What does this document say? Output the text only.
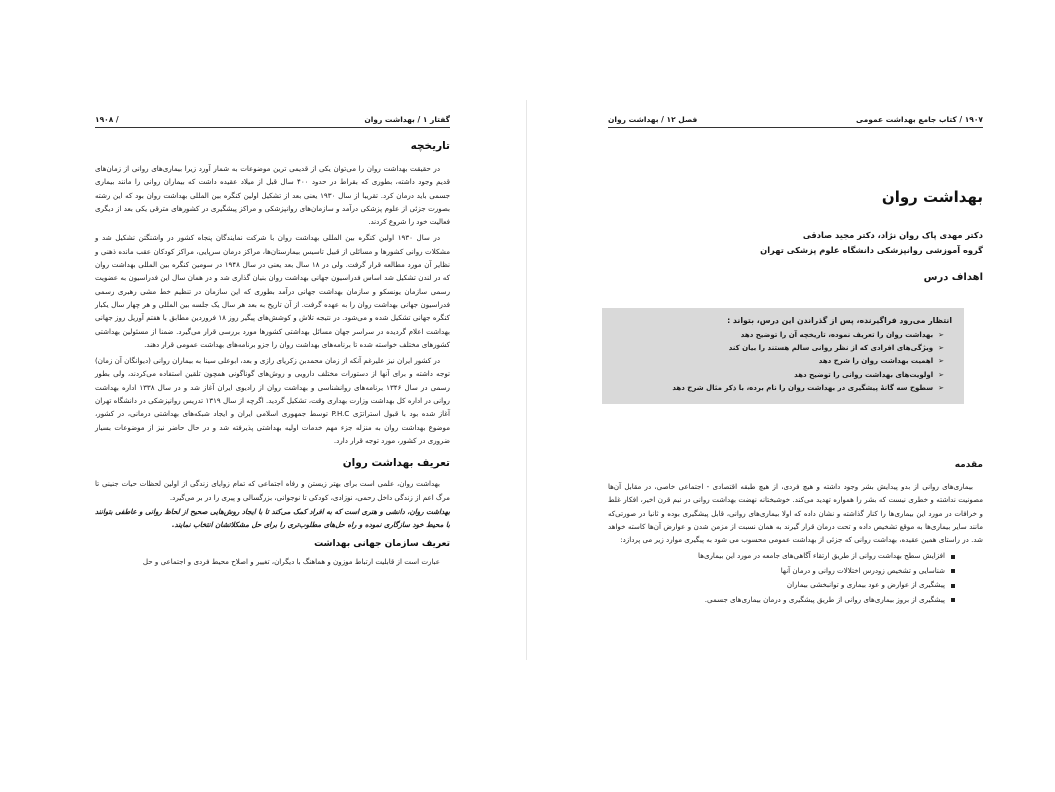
گفتار ۱ / بهداشت روان
/ ۱۹۰۸
تاریخچه

در حقیقت بهداشت روان را می‌توان یکی از قدیمی ترین موضوعات به شمار آورد زیرا بیماری‌های روانی از زمان‌های قدیم وجود داشته، بطوری که بقراط در حدود ۴۰۰ سال قبل از میلاد عقیده داشت که بیماران روانی را مانند بیماری جسمی باید درمان کرد. تقریبا از سال ۱۹۳۰ یعنی بعد از تشکیل اولین کنگره بین المللی بهداشت روان بود که این رشته بصورت جزئی از علوم پزشکی درآمد و سازمان‌های روانپزشکی و مراکز پیشگیری در کشورهای مترقی یکی بعد از دیگری فعالیت خود را شروع کردند.

در سال ۱۹۳۰ اولین کنگره بین المللی بهداشت روان با شرکت نمایندگان پنجاه کشور در واشنگتن تشکیل شد و مشکلات روانی کشورها و مسائلی از قبیل تاسیس بیمارستان‌ها، مراکز درمان سرپایی، مراکز کودکان عقب مانده ذهنی و نظایر آن مورد مطالعه قرار گرفت. ولی در ۱۸ سال بعد یعنی در سال ۱۹۴۸ در سومین کنگره بین المللی بهداشت روان که در لندن تشکیل شد اساس فدراسیون جهانی بهداشت روان بنیان گذاری شد و در همان سال این فدراسیون به عضویت رسمی سازمان یونسکو و سازمان بهداشت جهانی درآمد بطوری که این سازمان در تنظیم خط مشی رهبری رسمی فدراسیون جهانی بهداشت روان را به عهده گرفت. از آن تاریخ به بعد هر سال یک جلسه بین المللی و هر چهار سال یکبار کنگره جهانی تشکیل شده و می‌شود. در نتیجه تلاش و کوشش‌های پیگیر روز ۱۸ فروردین مطابق با هفتم آوریل روز جهانی بهداشت اعلام گردیده در سراسر جهان مسائل بهداشتی کشورها مورد بررسی قرار می‌گیرد. ضمنا از مسئولین بهداشتی کشورهای مختلف خواسته شده تا برنامه‌های بهداشت روان را جزو برنامه‌های بهداشت عمومی قرار دهند.

در کشور ایران نیز علیرغم آنکه از زمان محمدبن زکریای رازی و بعد، ابوعلی سینا به بیماران روانی (دیوانگان آن زمان) توجه داشته و برای آنها از دستورات مختلف دارویی و روش‌های گوناگونی همچون تلقین استفاده می‌کردند، ولی بطور رسمی در سال ۱۳۴۶ برنامه‌های روانشناسی و بهداشت روان از رادیوی ایران آغاز شد و در سال ۱۳۳۸ اداره بهداشت روانی در اداره کل بهداشت وزارت بهداری وقت، تشکیل گردید. اگرچه از سال ۱۳۱۹ تدریس روانپزشکی در دانشگاه تهران آغاز شده بود با قبول استراتژی P.H.C توسط جمهوری اسلامی ایران و ایجاد شبکه‌های بهداشتی درمانی، در کشور، موضوع بهداشت روان به منزله جزء مهم خدمات اولیه بهداشتی پذیرفته شد و در حال حاضر نیز از موضوعات بسیار ضروری در کشور، مورد توجه قرار دارد.

تعریف بهداشت روان

بهداشت روان، علمی است برای بهتر زیستن و رفاه اجتماعی که تمام زوایای زندگی از اولین لحظات حیات جنینی تا مرگ اعم از زندگی داخل رحمی، نوزادی، کودکی تا نوجوانی، بزرگسالی و پیری را در بر می‌گیرد.

بهداشت روان، دانشی و هنری است که به افراد کمک می‌کند تا با ایجاد روش‌هایی صحیح از لحاظ روانی و عاطفی بتوانند با محیط خود سازگاری نموده و راه حل‌های مطلوب‌تری را برای حل مشکلاتشان انتخاب نمایند.

تعریف سازمان جهانی بهداشت

عبارت است از قابلیت ارتباط موزون و هماهنگ با دیگران، تغییر و اصلاح محیط فردی و اجتماعی و حل

۱۹۰۷ / کتاب جامع بهداشت عمومی
فصل ۱۲ / بهداشت روان
بهداشت روان
دکتر مهدی پاک روان نژاد، دکتر مجید صادقی
گروه آموزشی روانپزشکی دانشگاه علوم پزشکی تهران
اهداف درس

انتظار می‌رود فراگیرنده، پس از گذراندن این درس، بتواند :

➢
بهداشت روان را تعریف نموده، تاریخچه آن را توضیح دهد
➢
ویژگی‌های افرادی که از نظر روانی سالم هستند را بیان کند
➢
اهمیت بهداشت روان را شرح دهد
➢
اولویت‌های بهداشت روانی را توضیح دهد
➢
سطوح سه گانهٔ پیشگیری در بهداشت روان را نام برده، با ذکر مثال شرح دهد
مقدمه

بیماری‌های روانی از بدو پیدایش بشر وجود داشته و هیچ فردی، از هیچ طبقه اقتصادی - اجتماعی خاصی، در مقابل آن‌ها مصونیت نداشته و خطری نیست که بشر را همواره تهدید می‌کند. خوشبختانه نهضت بهداشت روانی در نیم قرن اخیر، افکار غلط و خرافات در مورد این بیماری‌ها را کنار گذاشته و نشان داده که اولا بیماری‌های روانی، قابل پیشگیری بوده و ثانیا در صورتی‌که مانند سایر بیماری‌ها به موقع تشخیص داده و تحت درمان قرار گیرند به همان نسبت از مزمن شدن و عوارض آن‌ها کاسته خواهد شد. در راستای همین عقیده، بهداشت روانی که جزئی از بهداشت عمومی محسوب می شود به پیگیری موارد زیر می پردازد:

افزایش سطح بهداشت روانی از طریق ارتقاء آگاهی‌های جامعه در مورد این بیماری‌ها
شناسایی و تشخیص زودرس اختلالات روانی و درمان آنها
پیشگیری از عوارض و عود بیماری و توانبخشی بیماران
پیشگیری از بروز بیماری‌های روانی از طریق پیشگیری و درمان بیماری‌های جسمی.
